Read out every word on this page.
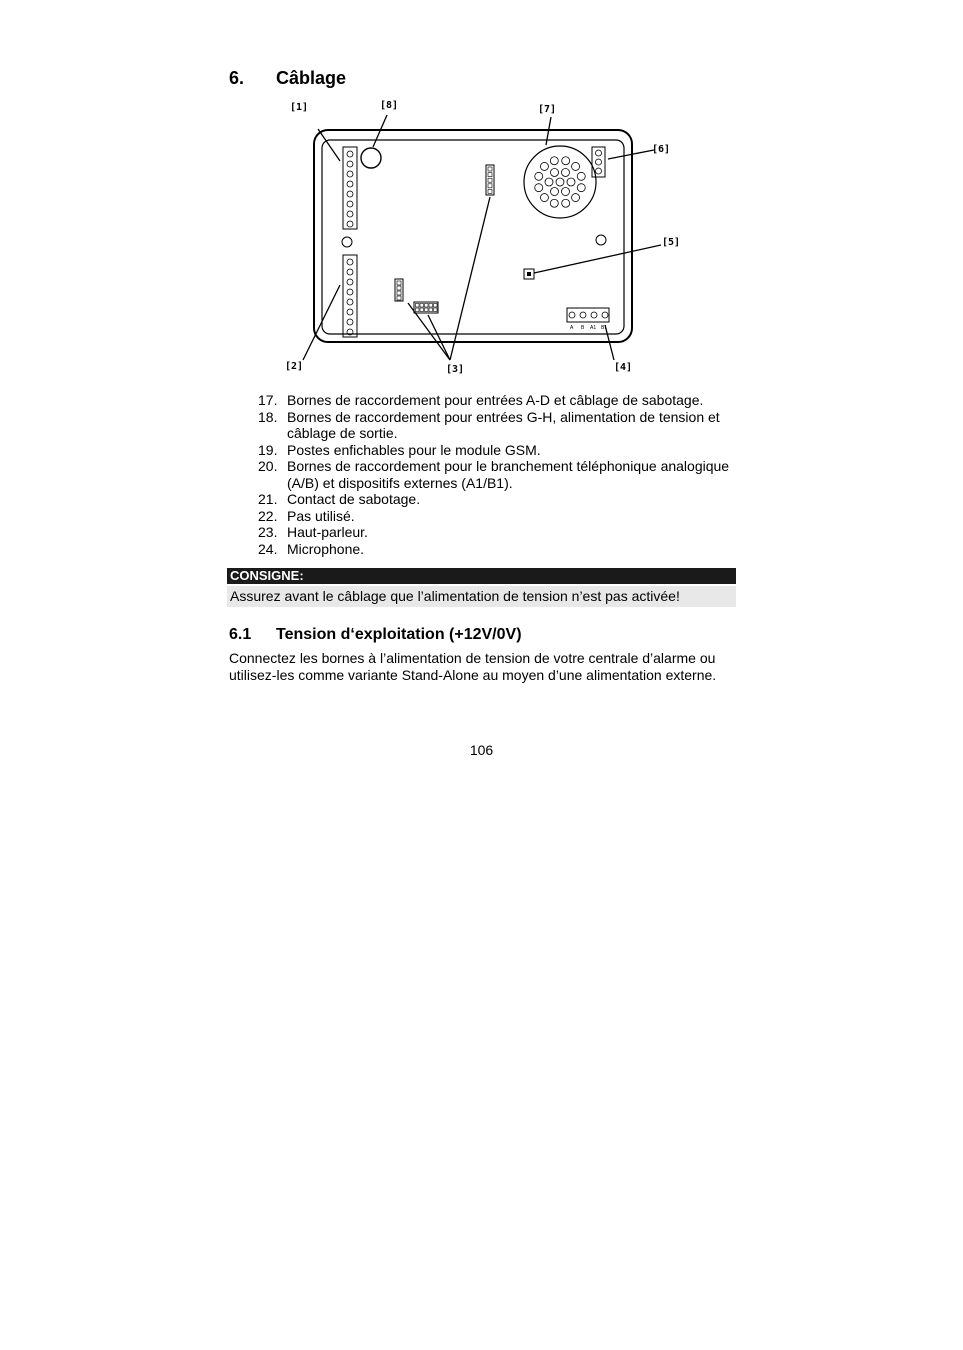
6.	Câblage
A B A1 B1
[1]	[8]	[7]
[6]
[5]
[2]	[3]	[4]
17. Bornes de raccordement pour entrées A-D et câblage de sabotage.
18. Bornes de raccordement pour entrées G-H, alimentation de tension et câblage de sortie.
19. Postes enfichables pour le module GSM.
20. Bornes de raccordement pour le branchement téléphonique analogique (A/B) et dispositifs externes (A1/B1).
21. Contact de sabotage.
22. Pas utilisé.
23. Haut-parleur.
24. Microphone.
CONSIGNE:
Assurez avant le câblage que l’alimentation de tension n’est pas activée!
6.1	Tension d‘exploitation (+12V/0V)

Connectez les bornes à l’alimentation de tension de votre centrale d’alarme ou utilisez-les comme variante Stand-Alone au moyen d’une alimentation externe.

106
